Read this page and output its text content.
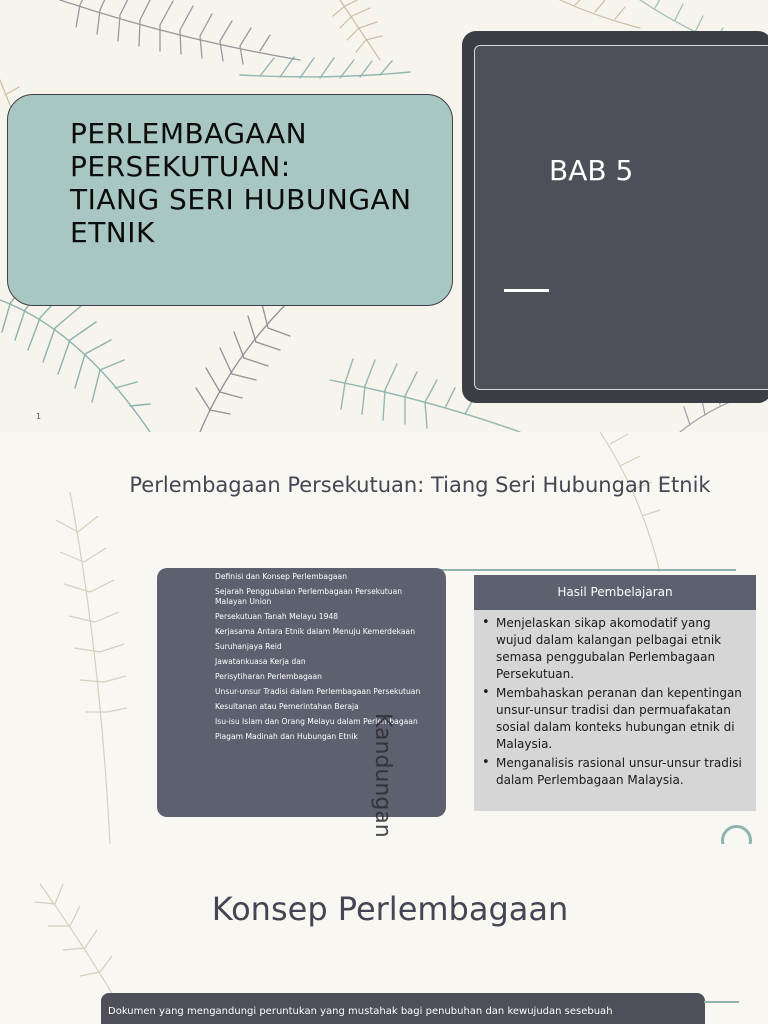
PERLEMBAGAAN
PERSEKUTUAN:
TIANG SERI HUBUNGAN
ETNIK
BAB 5
1
Perlembagaan Persekutuan: Tiang Seri Hubungan Etnik
Definisi dan Konsep Perlembagaan
Sejarah Penggubalan Perlembagaan Persekutuan Malayan Union
Persekutuan Tanah Melayu 1948
Kerjasama Antara Etnik dalam Menuju Kemerdekaan
Suruhanjaya Reid
Jawatankuasa Kerja dan
Perisytiharan Perlembagaan
Unsur-unsur Tradisi dalam Perlembagaan Persekutuan
Kesultanan atau Pemerintahan Beraja
Isu-isu Islam dan Orang Melayu dalam Perlembagaan
Piagam Madinah dan Hubungan Etnik Kandungan
Hasil Pembelajaran
• Menjelaskan sikap akomodatif yang wujud dalam kalangan pelbagai etnik semasa penggubalan Perlembagaan Persekutuan.
• Membahaskan peranan dan kepentingan unsur-unsur tradisi dan permuafakatan sosial dalam konteks hubungan etnik di Malaysia.
• Menganalisis rasional unsur-unsur tradisi dalam Perlembagaan Malaysia.
Konsep Perlembagaan
Dokumen yang mengandungi peruntukan yang mustahak bagi penubuhan dan kewujudan sesebuah
